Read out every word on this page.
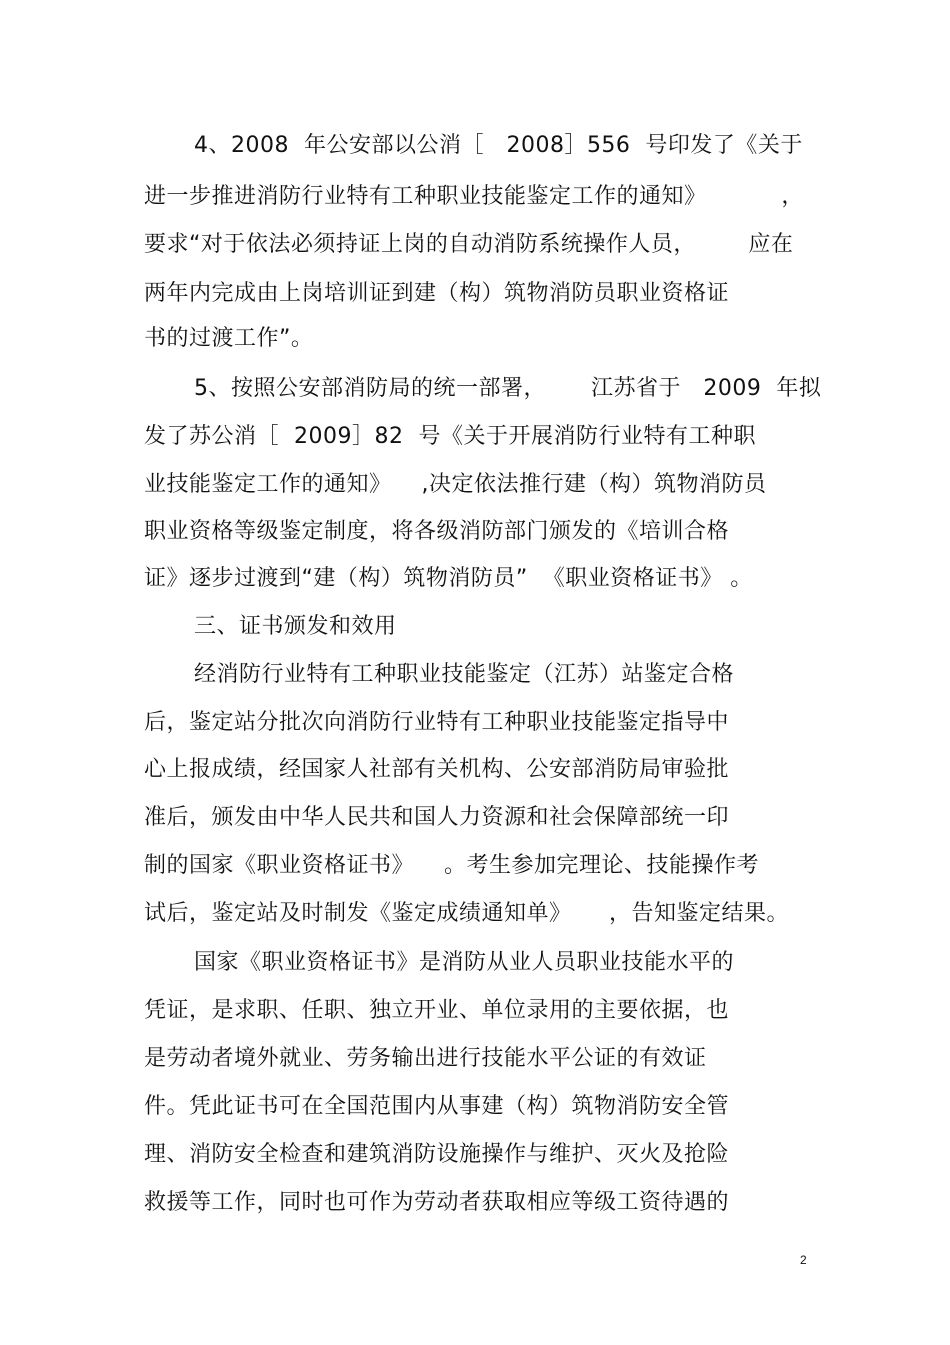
4、2008  年公安部以公消［   2008］556  号印发了《关于
进一步推进消防行业特有工种职业技能鉴定工作的通知》          ，
要求“对于依法必须持证上岗的自动消防系统操作人员，       应在
两年内完成由上岗培训证到建（构）筑物消防员职业资格证
书的过渡工作”。
5、按照公安部消防局的统一部署，      江苏省于   2009  年拟
发了苏公消［  2009］82  号《关于开展消防行业特有工种职
业技能鉴定工作的通知》    ,决定依法推行建（构）筑物消防员
职业资格等级鉴定制度，将各级消防部门颁发的《培训合格
证》逐步过渡到“建（构）筑物消防员”  《职业资格证书》 。
三、证书颁发和效用
经消防行业特有工种职业技能鉴定（江苏）站鉴定合格
后，鉴定站分批次向消防行业特有工种职业技能鉴定指导中
心上报成绩，经国家人社部有关机构、公安部消防局审验批
准后，颁发由中华人民共和国人力资源和社会保障部统一印
制的国家《职业资格证书》    。考生参加完理论、技能操作考
试后，鉴定站及时制发《鉴定成绩通知单》     ，告知鉴定结果。
国家《职业资格证书》是消防从业人员职业技能水平的
凭证，是求职、任职、独立开业、单位录用的主要依据，也
是劳动者境外就业、劳务输出进行技能水平公证的有效证
件。凭此证书可在全国范围内从事建（构）筑物消防安全管
理、消防安全检查和建筑消防设施操作与维护、灭火及抢险
救援等工作，同时也可作为劳动者获取相应等级工资待遇的
2
